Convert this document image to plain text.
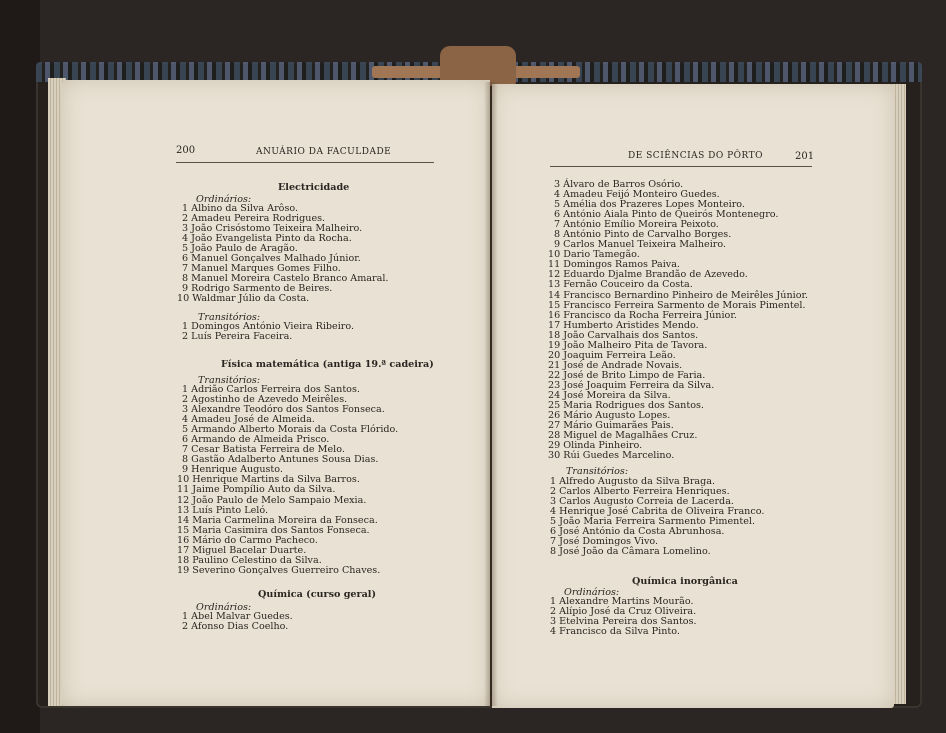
200	ANUÁRIO DA FACULDADE
Electricidade
Ordinários:
1 Albino da Silva Arôso.
2 Amadeu Pereira Rodrigues.
3 João Crisóstomo Teixeira Malheiro.
4 João Evangelista Pinto da Rocha.
5 João Paulo de Aragão.
6 Manuel Gonçalves Malhado Júnior.
7 Manuel Marques Gomes Filho.
8 Manuel Moreira Castelo Branco Amaral.
9 Rodrigo Sarmento de Beires.
10 Waldmar Júlio da Costa.
Transitórios:
1 Domingos António Vieira Ribeiro.
2 Luís Pereira Faceira.
Física matemática (antiga 19.ª cadeira)
Transitórios:
1 Adrião Carlos Ferreira dos Santos.
2 Agostinho de Azevedo Meirêles.
3 Alexandre Teodóro dos Santos Fonseca.
4 Amadeu José de Almeida.
5 Armando Alberto Morais da Costa Flórido.
6 Armando de Almeida Prisco.
7 Cesar Batista Ferreira de Melo.
8 Gastão Adalberto Antunes Sousa Dias.
9 Henrique Augusto.
10 Henrique Martins da Silva Barros.
11 Jaime Pompílio Auto da Silva.
12 João Paulo de Melo Sampaio Mexia.
13 Luís Pinto Leló.
14 Maria Carmelina Moreira da Fonseca.
15 Maria Casimira dos Santos Fonseca.
16 Mário do Carmo Pacheco.
17 Miguel Bacelar Duarte.
18 Paulino Celestino da Silva.
19 Severino Gonçalves Guerreiro Chaves.
Química (curso geral)
Ordinários:
1 Abel Malvar Guedes.
2 Afonso Dias Coelho.
DE SCIÊNCIAS DO PÔRTO	201
3 Álvaro de Barros Osório.
4 Amadeu Feijó Monteiro Guedes.
5 Amélia dos Prazeres Lopes Monteiro.
6 António Aiala Pinto de Queirós Montenegro.
7 António Emílio Moreira Peixoto.
8 António Pinto de Carvalho Borges.
9 Carlos Manuel Teixeira Malheiro.
10 Dario Tamegão.
11 Domingos Ramos Paiva.
12 Eduardo Djalme Brandão de Azevedo.
13 Fernão Couceiro da Costa.
14 Francisco Bernardino Pinheiro de Meirêles Júnior.
15 Francisco Ferreira Sarmento de Morais Pimentel.
16 Francisco da Rocha Ferreira Júnior.
17 Humberto Aristides Mendo.
18 João Carvalhais dos Santos.
19 João Malheiro Pita de Tavora.
20 Joaquim Ferreira Leão.
21 José de Andrade Novais.
22 José de Brito Limpo de Faria.
23 José Joaquim Ferreira da Silva.
24 José Moreira da Silva.
25 Maria Rodrigues dos Santos.
26 Mário Augusto Lopes.
27 Mário Guimarães Pais.
28 Miguel de Magalhães Cruz.
29 Olinda Pinheiro.
30 Rúi Guedes Marcelino.
Transitórios:
1 Alfredo Augusto da Silva Braga.
2 Carlos Alberto Ferreira Henriques.
3 Carlos Augusto Correia de Lacerda.
4 Henrique José Cabrita de Oliveira Franco.
5 João Maria Ferreira Sarmento Pimentel.
6 José António da Costa Abrunhosa.
7 José Domingos Vivo.
8 José João da Câmara Lomelino.
Química inorgânica
Ordinários:
1 Alexandre Martins Mourão.
2 Alípio José da Cruz Oliveira.
3 Etelvina Pereira dos Santos.
4 Francisco da Silva Pinto.
